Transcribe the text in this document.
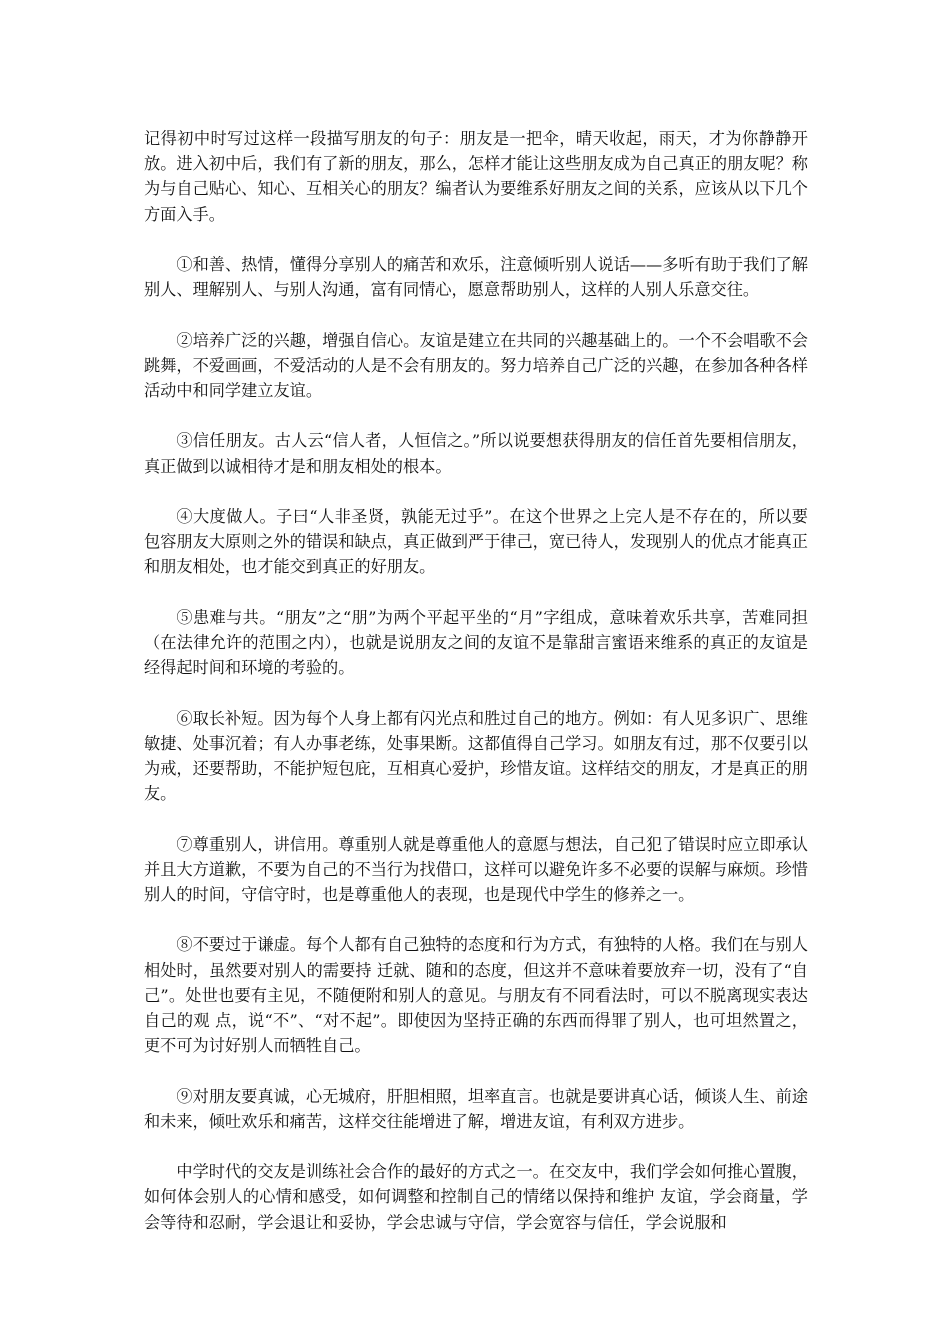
记得初中时写过这样一段描写朋友的句子：朋友是一把伞，晴天收起，雨天，才为你静静开放。进入初中后，我们有了新的朋友，那么，怎样才能让这些朋友成为自己真正的朋友呢？称为与自己贴心、知心、互相关心的朋友？编者认为要维系好朋友之间的关系，应该从以下几个方面入手。

①和善、热情，懂得分享别人的痛苦和欢乐，注意倾听别人说话——多听有助于我们了解别人、理解别人、与别人沟通，富有同情心，愿意帮助别人，这样的人别人乐意交往。

②培养广泛的兴趣，增强自信心。友谊是建立在共同的兴趣基础上的。一个不会唱歌不会跳舞，不爱画画，不爱活动的人是不会有朋友的。努力培养自己广泛的兴趣，在参加各种各样活动中和同学建立友谊。

③信任朋友。古人云“信人者，人恒信之。”所以说要想获得朋友的信任首先要相信朋友，真正做到以诚相待才是和朋友相处的根本。

④大度做人。子曰“人非圣贤，孰能无过乎”。在这个世界之上完人是不存在的，所以要包容朋友大原则之外的错误和缺点，真正做到严于律己，宽已待人，发现别人的优点才能真正和朋友相处，也才能交到真正的好朋友。

⑤患难与共。“朋友”之“朋”为两个平起平坐的“月”字组成，意味着欢乐共享，苦难同担（在法律允许的范围之内），也就是说朋友之间的友谊不是靠甜言蜜语来维系的真正的友谊是经得起时间和环境的考验的。

⑥取长补短。因为每个人身上都有闪光点和胜过自己的地方。例如：有人见多识广、思维敏捷、处事沉着；有人办事老练，处事果断。这都值得自己学习。如朋友有过，那不仅要引以为戒，还要帮助，不能护短包庇，互相真心爱护，珍惜友谊。这样结交的朋友，才是真正的朋友。

⑦尊重别人，讲信用。尊重别人就是尊重他人的意愿与想法，自己犯了错误时应立即承认并且大方道歉，不要为自己的不当行为找借口，这样可以避免许多不必要的误解与麻烦。珍惜别人的时间，守信守时，也是尊重他人的表现，也是现代中学生的修养之一。

⑧不要过于谦虚。每个人都有自己独特的态度和行为方式，有独特的人格。我们在与别人相处时，虽然要对别人的需要持 迁就、随和的态度，但这并不意味着要放弃一切，没有了“自己”。处世也要有主见，不随便附和别人的意见。与朋友有不同看法时，可以不脱离现实表达自己的观 点，说“不”、“对不起”。即使因为坚持正确的东西而得罪了别人，也可坦然置之，更不可为讨好别人而牺牲自己。

⑨对朋友要真诚，心无城府，肝胆相照，坦率直言。也就是要讲真心话，倾谈人生、前途和未来，倾吐欢乐和痛苦，这样交往能增进了解，增进友谊，有利双方进步。

中学时代的交友是训练社会合作的最好的方式之一。在交友中，我们学会如何推心置腹，如何体会别人的心情和感受，如何调整和控制自己的情绪以保持和维护 友谊，学会商量，学会等待和忍耐，学会退让和妥协，学会忠诚与守信，学会宽容与信任，学会说服和
